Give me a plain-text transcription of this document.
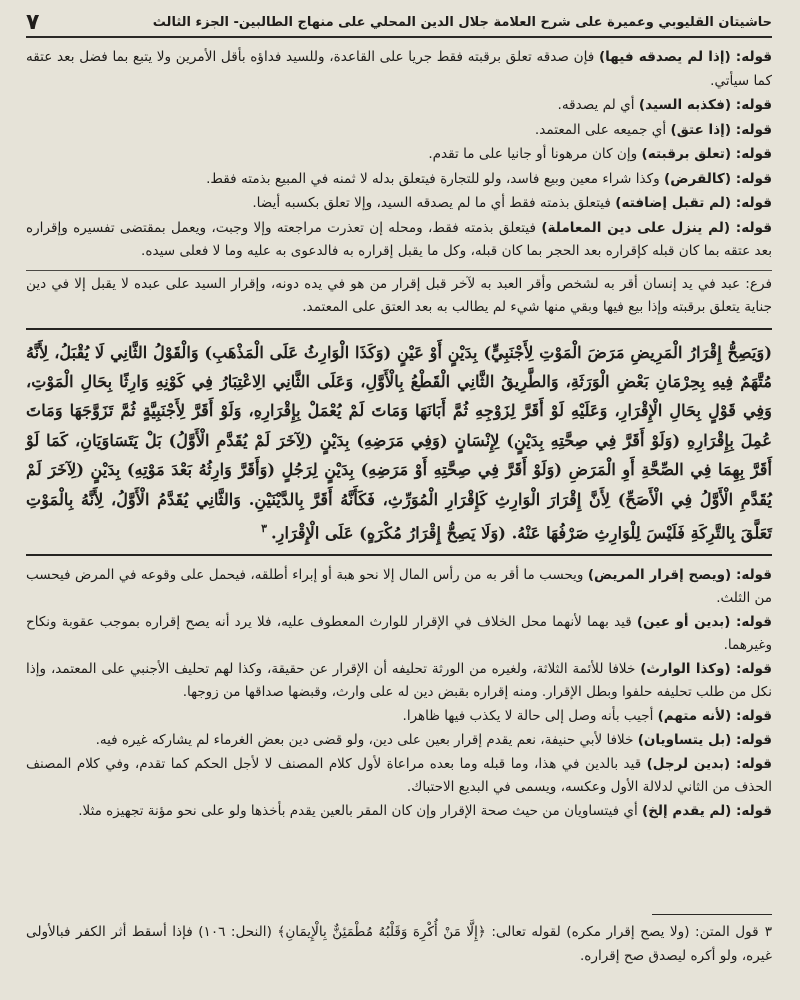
حاشيتان القليوبي وعميرة على شرح العلامة جلال الدين المحلي على منهاج الطالبين- الجزء الثالث
٧

قوله: (إذا لم يصدقه فيها) فإن صدقه تعلق برقبته فقط جريا على القاعدة، وللسيد فداؤه بأقل الأمرين ولا يتبع بما فضل بعد عتقه كما سيأتي.

قوله: (فكذبه السيد) أي لم يصدقه.

قوله: (إذا عتق) أي جميعه على المعتمد.

قوله: (تعلق برقبته) وإن كان مرهونا أو جانيا على ما تقدم.

قوله: (كالقرض) وكذا شراء معين وبيع فاسد، ولو للتجارة فيتعلق بدله لا ثمنه في المبيع بذمته فقط.

قوله: (لم تقبل إضافته) فيتعلق بذمته فقط أي ما لم يصدقه السيد، وإلا تعلق بكسبه أيضا.

قوله: (لم ينزل على دين المعاملة) فيتعلق بذمته فقط، ومحله إن تعذرت مراجعته وإلا وجبت، ويعمل بمقتضى تفسيره وإقراره بعد عتقه بما كان قبله كإقراره بعد الحجر بما كان قبله، وكل ما يقبل إقراره به فالدعوى به عليه وما لا فعلى سيده.

فرع: عبد في يد إنسان أقر به لشخص وأقر العبد به لآخر قبل إقرار من هو في يده دونه، وإقرار السيد على عبده لا يقبل إلا في دين جناية يتعلق برقبته وإذا بيع فيها وبقي منها شيء لم يطالب به بعد العتق على المعتمد.

(وَيَصِحُّ إِقْرَارُ الْمَرِيضِ مَرَضَ الْمَوْتِ لِأَجْنَبِيٍّ) بِدَيْنٍ أَوْ عَيْنٍ (وَكَذَا الْوَارِثُ عَلَى الْمَذْهَبِ) وَالْقَوْلُ الثَّانِي لَا يُقْبَلُ، لِأَنَّهُ مُتَّهَمٌ فِيهِ بِحِرْمَانِ بَعْضِ الْوَرَثَةِ، وَالطَّرِيقُ الثَّانِي الْقَطْعُ بِالْأَوَّلِ، وَعَلَى الثَّانِي الِاعْتِبَارُ فِي كَوْنِهِ وَارِثًا بِحَالِ الْمَوْتِ، وَفِي قَوْلٍ بِحَالِ الْإِقْرَارِ، وَعَلَيْهِ لَوْ أَقَرَّ لِزَوْجِهِ ثُمَّ أَبَانَهَا وَمَاتَ لَمْ يُعْمَلْ بِإِقْرَارِهِ، وَلَوْ أَقَرَّ لِأَجْنَبِيَّةٍ ثُمَّ تَزَوَّجَهَا وَمَاتَ عُمِلَ بِإِقْرَارِهِ (وَلَوْ أَقَرَّ فِي صِحَّتِهِ بِدَيْنٍ) لِإِنْسَانٍ (وَفِي مَرَضِهِ) بِدَيْنٍ (لِآخَرَ لَمْ يُقَدَّمِ الْأَوَّلُ) بَلْ يَتَسَاوَيَانِ، كَمَا لَوْ أَقَرَّ بِهِمَا فِي الصِّحَّةِ أَوِ الْمَرَضِ (وَلَوْ أَقَرَّ فِي صِحَّتِهِ أَوْ مَرَضِهِ) بِدَيْنٍ لِرَجُلٍ (وَأَقَرَّ وَارِثُهُ بَعْدَ مَوْتِهِ) بِدَيْنٍ (لِآخَرَ لَمْ يُقَدَّمِ الْأَوَّلُ فِي الْأَصَحِّ) لِأَنَّ إِقْرَارَ الْوَارِثِ كَإِقْرَارِ الْمُوَرِّثِ، فَكَأَنَّهُ أَقَرَّ بِالدَّيْنَيْنِ. وَالثَّانِي يُقَدَّمُ الْأَوَّلُ، لِأَنَّهُ بِالْمَوْتِ تَعَلَّقَ بِالتَّرِكَةِ فَلَيْسَ لِلْوَارِثِ صَرْفُهَا عَنْهُ. (وَلَا يَصِحُّ إِقْرَارُ مُكْرَهٍ) عَلَى الْإِقْرَارِ.$^٣$

قوله: (ويصح إقرار المريض) ويحسب ما أقر به من رأس المال إلا نحو هبة أو إبراء أطلقه، فيحمل على وقوعه في المرض فيحسب من الثلث.

قوله: (بدين أو عين) قيد بهما لأنهما محل الخلاف في الإقرار للوارث المعطوف عليه، فلا يرد أنه يصح إقراره بموجب عقوبة ونكاح وغيرهما.

قوله: (وكذا الوارث) خلافا للأئمة الثلاثة، ولغيره من الورثة تحليفه أن الإقرار عن حقيقة، وكذا لهم تحليف الأجنبي على المعتمد، وإذا نكل من طلب تحليفه حلفوا وبطل الإقرار. ومنه إقراره بقبض دين له على وارث، وقبضها صداقها من زوجها.

قوله: (لأنه متهم) أجيب بأنه وصل إلى حالة لا يكذب فيها ظاهرا.

قوله: (بل يتساويان) خلافا لأبي حنيفة، نعم يقدم إقرار بعين على دين، ولو قضى دين بعض الغرماء لم يشاركه غيره فيه.

قوله: (بدين لرجل) قيد بالدين في هذا، وما قبله وما بعده مراعاة لأول كلام المصنف لا لأجل الحكم كما تقدم، وفي كلام المصنف الحذف من الثاني لدلالة الأول وعكسه، ويسمى في البديع الاحتباك.

قوله: (لم يقدم إلخ) أي فيتساويان من حيث صحة الإقرار وإن كان المقر بالعين يقدم بأخذها ولو على نحو مؤنة تجهيزه مثلا.

٣قول المتن: (ولا يصح إقرار مكره) لقوله تعالى: ﴿إِلَّا مَنْ أُكْرِهَ وَقَلْبُهُ مُطْمَئِنٌّ بِالْإِيمَانِ﴾ (النحل: ١٠٦) فإذا أسقط أثر الكفر فبالأولى غيره، ولو أكره ليصدق صح إقراره.
